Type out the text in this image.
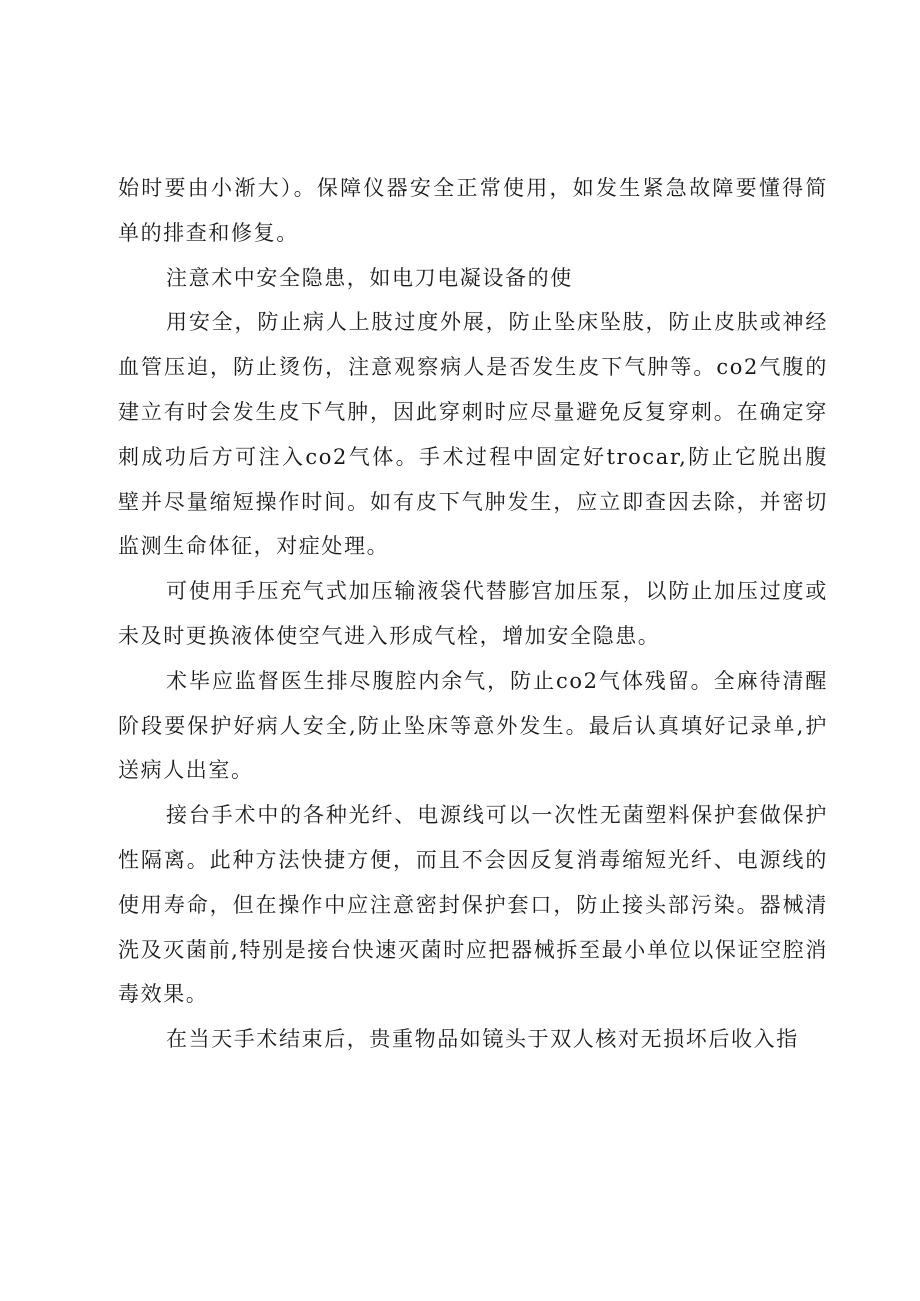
始时要由小渐大）。保障仪器安全正常使用，如发生紧急故障要懂得简单的排查和修复。

注意术中安全隐患，如电刀电凝设备的使

用安全，防止病人上肢过度外展，防止坠床坠肢，防止皮肤或神经血管压迫，防止烫伤，注意观察病人是否发生皮下气肿等。co2气腹的建立有时会发生皮下气肿，因此穿刺时应尽量避免反复穿刺。在确定穿刺成功后方可注入co2气体。手术过程中固定好trocar,防止它脱出腹壁并尽量缩短操作时间。如有皮下气肿发生，应立即查因去除，并密切监测生命体征，对症处理。

可使用手压充气式加压输液袋代替膨宫加压泵，以防止加压过度或未及时更换液体使空气进入形成气栓，增加安全隐患。

术毕应监督医生排尽腹腔内余气，防止co2气体残留。全麻待清醒阶段要保护好病人安全,防止坠床等意外发生。最后认真填好记录单,护送病人出室。

接台手术中的各种光纤、电源线可以一次性无菌塑料保护套做保护性隔离。此种方法快捷方便，而且不会因反复消毒缩短光纤、电源线的使用寿命，但在操作中应注意密封保护套口，防止接头部污染。器械清洗及灭菌前,特别是接台快速灭菌时应把器械拆至最小单位以保证空腔消毒效果。

在当天手术结束后，贵重物品如镜头于双人核对无损坏后收入指
